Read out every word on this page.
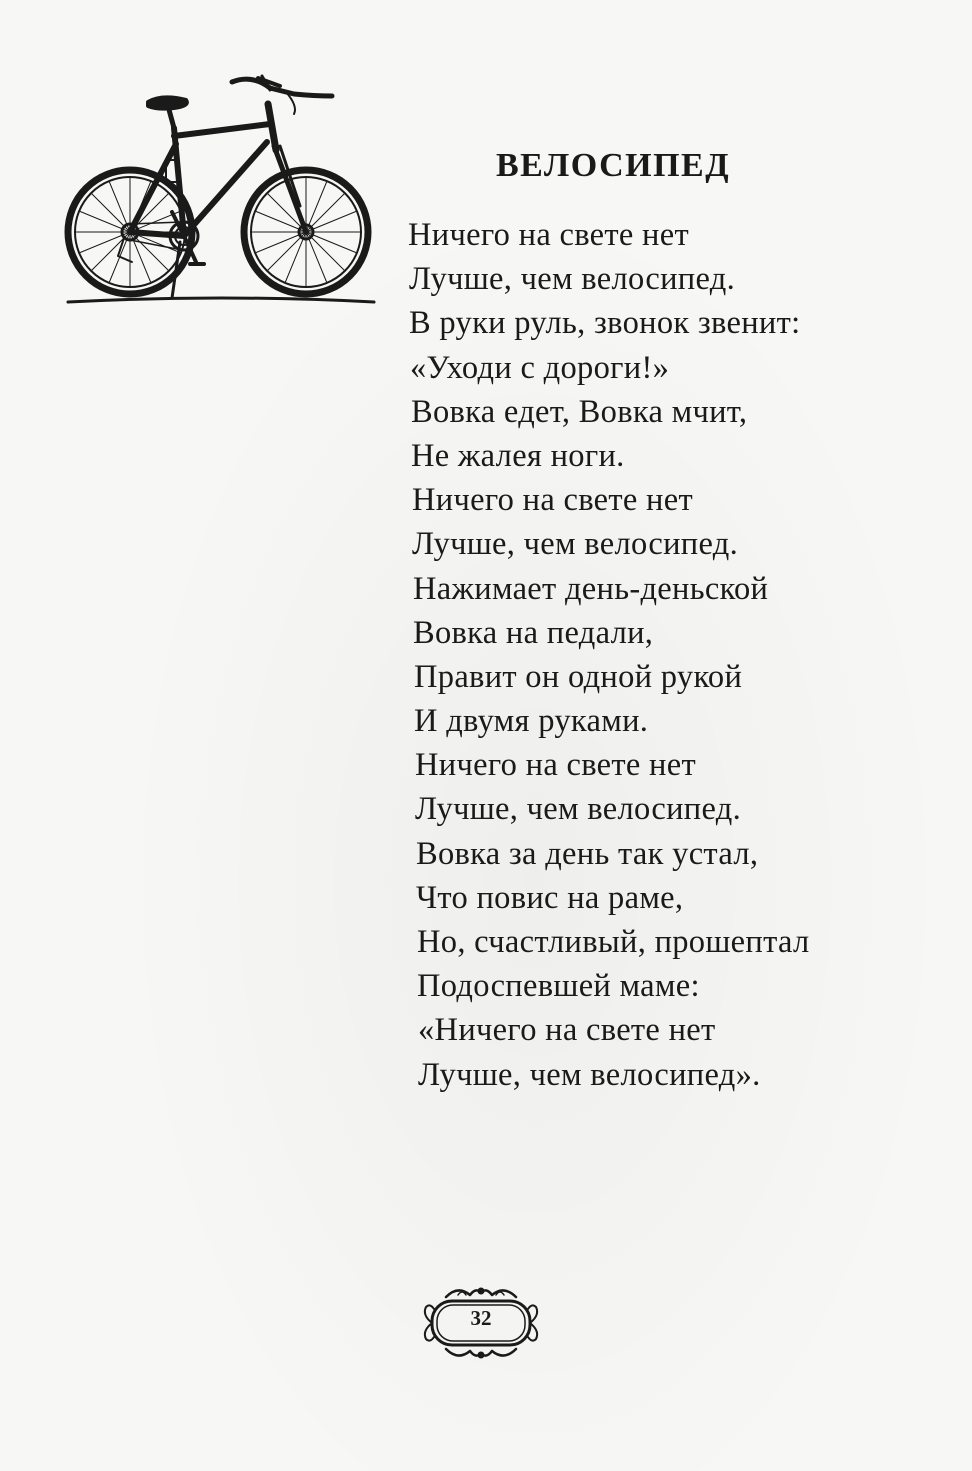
ВЕЛОСИПЕД
Ничего на свете нет
Лучше, чем велосипед.
В руки руль, звонок звенит:
«Уходи с дороги!»
Вовка едет, Вовка мчит,
Не жалея ноги.
Ничего на свете нет
Лучше, чем велосипед.
Нажимает день-деньской
Вовка на педали,
Правит он одной рукой
И двумя руками.
Ничего на свете нет
Лучше, чем велосипед.
Вовка за день так устал,
Что повис на раме,
Но, счастливый, прошептал
Подоспевшей маме:
«Ничего на свете нет
Лучше, чем велосипед».
32
